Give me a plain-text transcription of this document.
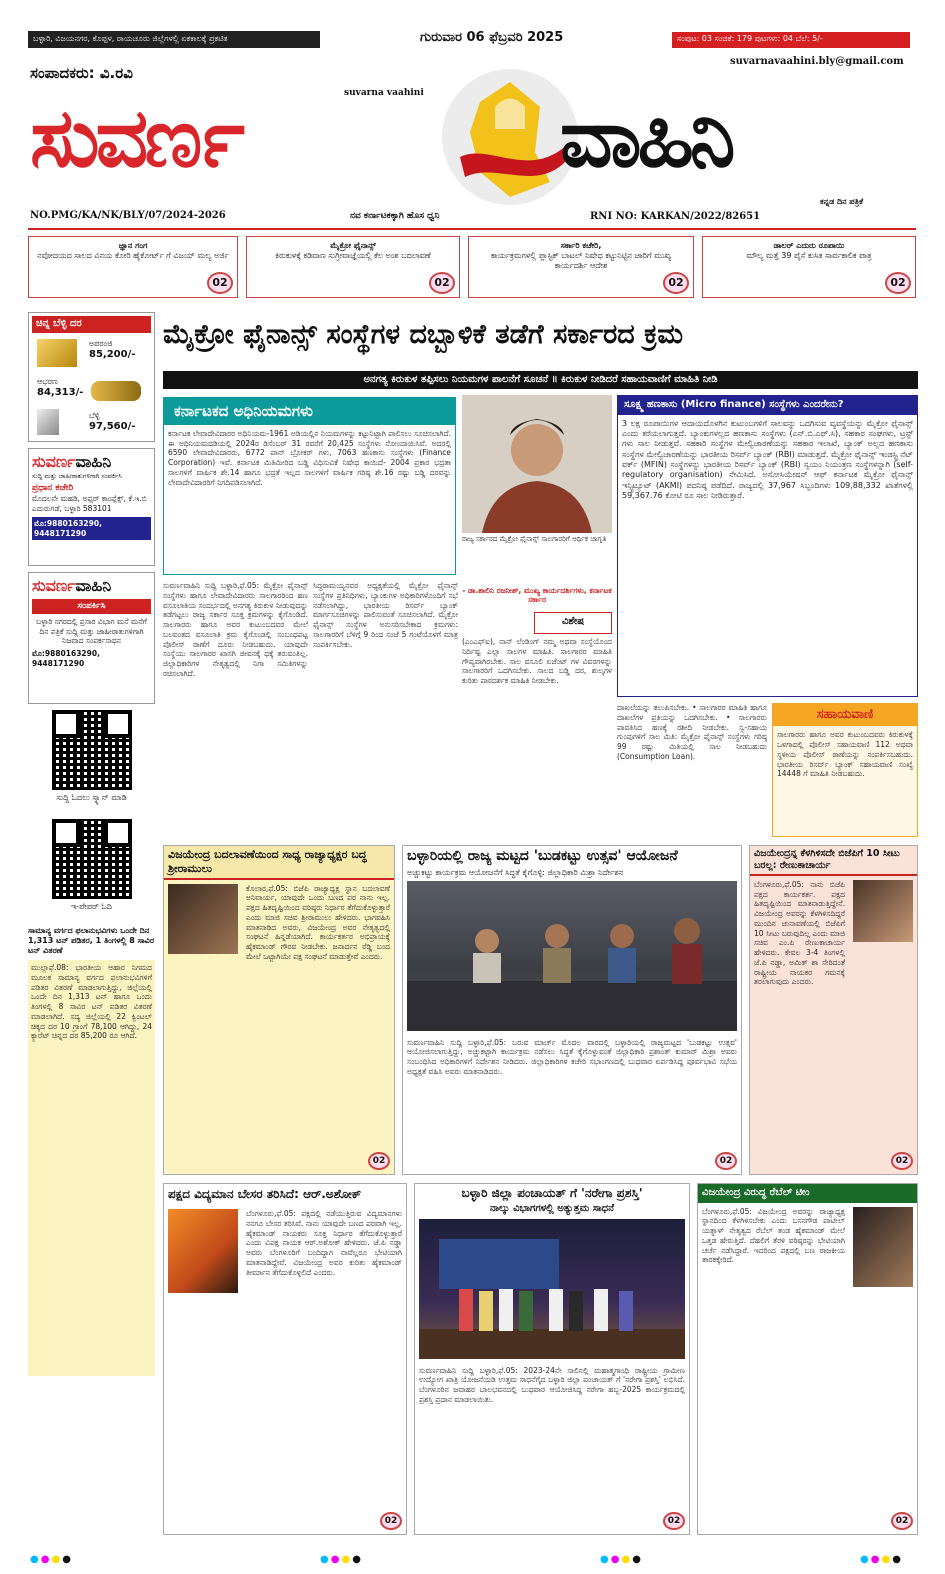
ಬಳ್ಳಾರಿ, ವಿಜಯನಗರ, ಕೊಪ್ಪಳ, ರಾಯಚೂರು ಜಿಲ್ಲೆಗಳಲ್ಲಿ ಏಕಕಾಲಕ್ಕೆ ಪ್ರಕಟಿತ	ಗುರುವಾರ 06 ಫೆಬ್ರವರಿ 2025	ಸಂಪುಟ: 03 ಸಂಚಿಕೆ: 179 ಪುಟಗಳು: 04 ಬೆಲೆ: 5/-
suvarnavaahini.bly@gmail.com
ಸಂಪಾದಕರು: ವಿ.ರವಿ
suvarna vaahini
ಸುವರ್ಣ	ವಾಹಿನಿ
NO.PMG/KA/NK/BLY/07/2024-2026	ನವ ಕರ್ನಾಟಕಕ್ಕಾಗಿ ಹೊಸ ಧ್ವನಿ	RNI NO: KARKAN/2022/82651
ಕನ್ನಡ ದಿನ ಪತ್ರಿಕೆ
ಜ್ಞಾನ ಗಂಗ
ನವೋದಯದ ಸಾಲದ ವಿನಯ ಕೋರಿ ಹೈಕೋರ್ಟ್ ಗೆ ವಿಜಯ್ ಮಲ್ಯ ಅರ್ಜಿ
02
ಮೈಕ್ರೋ ಫೈನಾನ್ಸ್
ಕಿರುಕುಳಕ್ಕೆ ಕಡಿವಾಣ ಸುಗ್ರೀವಾಜ್ಞೆಯಲ್ಲಿ ಕೆಲ ಅಂಶ ಬದಲಾವಣೆ
02
ಸರ್ಕಾರಿ ಕಚೇರಿ,
ಕಾರ್ಯಕ್ರಮಗಳಲ್ಲಿ ಪ್ಲಾಸ್ಟಿಕ್ ಬಾಟಲ್ ನಿಷೇಧ ಕಟ್ಟುನಿಟ್ಟಿನ ಜಾರಿಗೆ ಮುಖ್ಯ ಕಾರ್ಯದರ್ಶಿ ಆದೇಶ
02
ಡಾಲರ್ ಎದುರು ರೂಪಾಯಿ
ಮೌಲ್ಯ ಮತ್ತೆ 39 ಪೈಸೆ ಕುಸಿತ ಸಾರ್ವಕಾಲಿಕ ಪಾತ್ರ
02
ಚಿನ್ನ ಬೆಳ್ಳಿ ದರ
ಅಪರಂಜಿ
85,200/-
ಆಭರಣ
84,313/-
ಬೆಳ್ಳಿ
97,560/-
ಸುವರ್ಣವಾಹಿನಿ
ಸುದ್ದಿ ಮತ್ತು ಜಾಹೀರಾತುಗಳಿಗಾಗಿ ಸಂಪರ್ಕಿಸಿ
ಪ್ರಧಾನ ಕಚೇರಿ
ಮೊದಲನೇ ಮಹಡಿ, ಅಫ್ಸರ್ ಕಾಂಪ್ಲೆಕ್ಸ್, ಕೆ.ಇ.ಬಿ ಎದುರುಗಡೆ, ಬಳ್ಳಾರಿ 583101
ಮೊ:9880163290, 9448171290
ಸುವರ್ಣವಾಹಿನಿ
ಸಂಪರ್ಕಿಸಿ
ಬಳ್ಳಾರಿ ನಗರದಲ್ಲಿ ಪ್ರಸಾರ ವಿಭಾಗ ಮನೆ ಮನೆಗೆ ದಿನ ಪತ್ರಿಕೆ ಸುದ್ದಿ ಮತ್ತು ಜಾಹೀರಾತುಗಳಿಗಾಗಿ ನಿಜವಾದ ಸಂಪರ್ಕಸಾಧನ
ಮೊ:9880163290, 9448171290
ಸುದ್ದಿ ಓದಲು ಸ್ಕ್ಯಾನ್ ಮಾಡಿ
ಇ-ಪೇಪರ್ ಓದಿ
ಸಾಮಾನ್ಯ ವರ್ಗದ ಫಲಾನುಭವಿಗಳು ಒಂದೇ ದಿನ 1,313 ಟನ್ ಪಡಿತರ, 1 ತಿಂಗಳಲ್ಲಿ 8 ಸಾವಿರ ಟನ್ ವಿತರಣೆ
ಮುಲ್ಲಾಫೆ.08: ಭಾರತೀಯ ಆಹಾರ ನಿಗಮದ ಮೂಲಕ ಸಾಮಾನ್ಯ ವರ್ಗದ ಫಲಾನುಭವಿಗಳಿಗೆ ಪಡಿತರ ವಿತರಣೆ ಮಾಡಲಾಗುತ್ತಿದ್ದು, ಜಿಲ್ಲೆಯಲ್ಲಿ ಒಂದೇ ದಿನ 1,313 ಟನ್ ಹಾಗೂ ಒಂದು ತಿಂಗಳಲ್ಲಿ 8 ಸಾವಿರ ಟನ್ ಪಡಿತರ ವಿತರಣೆ ಮಾಡಲಾಗಿದೆ. ಸದ್ಯ ಜಿಲ್ಲೆಯಲ್ಲಿ 22 ಕ್ವಿಂಟಲ್ ಚಿಕ್ಕದ ದರ 10 ಗ್ರಾಂಗೆ 78,100 ಆಗಿದ್ದು, 24 ಕ್ಯಾರೆಟ್ ಚಿನ್ನದ ದರ 85,200 ರೂ ಆಗಿದೆ.
ಮೈಕ್ರೋ ಫೈನಾನ್ಸ್ ಸಂಸ್ಥೆಗಳ ದಬ್ಬಾಳಿಕೆ ತಡೆಗೆ ಸರ್ಕಾರದ ಕ್ರಮ
ಅನಗತ್ಯ ಕಿರುಕುಳ ತಪ್ಪಿಸಲು ನಿಯಮಗಳ ಪಾಲನೆಗೆ ಸೂಚನೆ ॥ ಕಿರುಕುಳ ನೀಡಿದರೆ ಸಹಾಯವಾಣಿಗೆ ಮಾಹಿತಿ ನೀಡಿ
ಕರ್ನಾಟಕದ ಅಧಿನಿಯಮಗಳು
ಕರ್ನಾಟಕ ಲೇವಾದೇವಿದಾರರ ಅಧಿನಿಯಮ-1961 ಅಡಿಯಲ್ಲಿನ ನಿಯಮಗಳನ್ನು ಕಟ್ಟುನಿಟ್ಟಾಗಿ ಪಾಲಿಸಲು ಸೂಚಿಸಲಾಗಿದೆ. ಈ ಅಧಿನಿಯಮದಡಿಯಲ್ಲಿ 2024ರ ಡಿಸೆಂಬರ್ 31 ರವರೆಗೆ 20,425 ಸಂಸ್ಥೆಗಳು ನೋಂದಾಯಿಸಿವೆ. ಅದರಲ್ಲಿ 6590 ಲೇವಾದೇವಿದಾರರು, 6772 ಪಾನ್ ಬ್ರೋಕರ್ ಗಳು, 7063 ಹಣಕಾಸು ಸಂಸ್ಥೆಗಳು (Finance Corporation) ಇವೆ. ಕರ್ನಾಟಕ ಮಿತಿಮೀರಿದ ಬಡ್ಡಿ ವಿಧಿಸುವಿಕೆ ನಿಷೇಧ ಕಾಯಿದೆ- 2004 ಪ್ರಕಾರ ಭದ್ರತಾ ಸಾಲಗಳಿಗೆ ವಾರ್ಷಿಕ ಶೇ.14 ಹಾಗೂ ಭದ್ರತೆ ಇಲ್ಲದ ಸಾಲಗಳಿಗೆ ವಾರ್ಷಿಕ ಗರಿಷ್ಠ ಶೇ.16 ರಷ್ಟು ಬಡ್ಡಿ ದರವನ್ನು ಲೇವಾದೇವಿದಾರರಿಗೆ ನಿಗದಿಪಡಿಸಲಾಗಿದೆ.
ರಾಜ್ಯ ಸರ್ಕಾರದ ಮೈಕ್ರೋ ಫೈನಾನ್ಸ್ ಸಾಲಗಾರರಿಗೆ ಆರ್ಥಿಕ ಜಾಗೃತಿ
- ಡಾ.ಶಾಲಿನಿ ರಜನೀಶ್, ಮುಖ್ಯ ಕಾರ್ಯದರ್ಶಿಗಳು, ಕರ್ನಾಟಕ ಸರ್ಕಾರ
ವಿಶೇಷ
ಸೂಕ್ಷ್ಮ ಹಣಕಾಸು (Micro finance) ಸಂಸ್ಥೆಗಳು ಎಂದರೇನು?
3 ಲಕ್ಷ ರೂಪಾಯಿಗಳ ಆದಾಯದೊಳಗಿನ ಕುಟುಂಬಗಳಿಗೆ ಸಾಲವನ್ನು ಒದಗಿಸುವ ವ್ಯವಸ್ಥೆಯನ್ನು ಮೈಕ್ರೋ ಫೈನಾನ್ಸ್ ಎಂದು ಕರೆಯಲಾಗುತ್ತದೆ. ಬ್ಯಾಂಕುಗಳಲ್ಲದ ಹಣಕಾಸು ಸಂಸ್ಥೆಗಳು (ಎನ್.ಬಿ.ಎಫ್.ಸಿ), ಸಹಕಾರ ಸಂಘಗಳು, ಟ್ರಸ್ಟ್ ಗಳು ಸಾಲ ನೀಡುತ್ತವೆ. ಸಹಕಾರಿ ಸಂಸ್ಥೆಗಳ ಮೇಲ್ವಿಚಾರಣೆಯನ್ನು ಸಹಕಾರ ಇಲಾಖೆ, ಬ್ಯಾಂಕ್ ಅಲ್ಲದ ಹಣಕಾಸು ಸಂಸ್ಥೆಗಳ ಮೇಲ್ವಿಚಾರಣೆಯನ್ನು ಭಾರತೀಯ ರಿಸರ್ವ್ ಬ್ಯಾಂಕ್ (RBI) ಮಾಡುತ್ತದೆ. ಮೈಕ್ರೋ ಫೈನಾನ್ಸ್ ಇಂಡಸ್ಟ್ರಿ ನೆಟ್ ವರ್ಕ್ (MFIN) ಸಂಸ್ಥೆಗಳನ್ನು ಭಾರತೀಯ ರಿಸರ್ವ್ ಬ್ಯಾಂಕ್ (RBI) ಸ್ವಯಂ ನಿಯಂತ್ರಣ ಸಂಸ್ಥೆಗಳನ್ನಾಗಿ (self-regulatory organisation) ನೇಮಿಸಿದೆ. ಅಸೋಸಿಯೇಷನ್ ಆಫ್ ಕರ್ನಾಟಕ ಮೈಕ್ರೋ ಫೈನಾನ್ಸ್ ಇನ್ಸ್ಟಿಟ್ಯೂಟ್ (AKMI) ಪದನಿಷ್ಠ ಪಡೆದಿದೆ. ರಾಜ್ಯದಲ್ಲಿ 37,967 ಸಿಬ್ಬಂದಿಗಳು 109,88,332 ಖಾತೆಗಳಲ್ಲಿ 59,367.76 ಕೋಟಿ ರೂ ಸಾಲ ನೀಡಿರುತ್ತಾರೆ.
ಸುವರ್ಣವಾಹಿನಿ ಸುದ್ದಿ ಬಳ್ಳಾರಿ,ಫೆ.05: ಮೈಕ್ರೋ ಫೈನಾನ್ಸ್ ಸಂಸ್ಥೆಗಳು ಹಾಗೂ ಲೇವಾದೇವಿದಾರರು ಸಾಲಗಾರರಿಂದ ಹಣ ವಸೂಲಾತಿಯ ಸಂದರ್ಭದಲ್ಲಿ ಅನಗತ್ಯ ಕಿರುಕುಳ ನೀಡುವುದನ್ನು ತಡೆಗಟ್ಟಲು ರಾಜ್ಯ ಸರ್ಕಾರ ಸೂಕ್ತ ಕ್ರಮಗಳನ್ನು ಕೈಗೊಂಡಿದೆ. ಸಾಲಗಾರರು ಹಾಗೂ ಅವರ ಕುಟುಂಬದವರ ಮೇಲೆ ಬಲವಂತದ ವಸೂಲಾತಿ ಕ್ರಮ ಕೈಗೊಂಡಲ್ಲಿ ಸಂಬಂಧಪಟ್ಟ ಪೊಲೀಸ್ ಠಾಣೆಗೆ ದೂರು ನೀಡಬಹುದು. ಯಾವುದೇ ಸಂಸ್ಥೆಯು ಸಾಲಗಾರರ ಖಾಸಗಿ ಜೀವನಕ್ಕೆ ಧಕ್ಕೆ ತರುವಂತಿಲ್ಲ. ಜಿಲ್ಲಾಧಿಕಾರಿಗಳ ನೇತೃತ್ವದಲ್ಲಿ ನಿಗಾ ಸಮಿತಿಗಳನ್ನು ರಚಿಸಲಾಗಿದೆ.
ಸಿದ್ಧರಾಮಯ್ಯನವರ ಅಧ್ಯಕ್ಷತೆಯಲ್ಲಿ ಮೈಕ್ರೋ ಫೈನಾನ್ಸ್ ಸಂಸ್ಥೆಗಳ ಪ್ರತಿನಿಧಿಗಳು, ಬ್ಯಾಂಕುಗಳ ಅಧಿಕಾರಿಗಳೊಂದಿಗೆ ಸಭೆ ನಡೆಸಲಾಗಿದ್ದು, ಭಾರತೀಯ ರಿಸರ್ವ್ ಬ್ಯಾಂಕ್ ಮಾರ್ಗಸೂಚಿಗಳನ್ನು ಪಾಲಿಸುವಂತೆ ಸೂಚಿಸಲಾಗಿದೆ. ಮೈಕ್ರೋ ಫೈನಾನ್ಸ್ ಸಂಸ್ಥೆಗಳ ಅನುಸರಿಸಬೇಕಾದ ಕ್ರಮಗಳು: ಸಾಲಗಾರರಿಗೆ ಬೆಳಿಗ್ಗೆ 9 ರಿಂದ ಸಂಜೆ 5 ಗಂಟೆಯೊಳಗೆ ಮಾತ್ರ ಸಂಪರ್ಕಿಸಬೇಕು.	(ಎಂಎಫ್ಐ), ನಾನ್ ಲೆಂಡಿಂಗ್ ನಮ್ಮ ಅಥವಾ ಸಂಸ್ಥೆಯೊಂದ ನಿರ್ದಿಷ್ಟ ಎಲ್ಲಾ ಸಾಲಗಳ ಮಾಹಿತಿ. ಸಾಲಗಾರರ ಮಾಹಿತಿ ಗೌಪ್ಯವಾಗಿರಬೇಕು. ಸಾಲ ವಸೂಲಿ ಏಜೆಂಟ್ ಗಳ ವಿವರಗಳನ್ನು ಸಾಲಗಾರರಿಗೆ ಒದಗಿಸಬೇಕು. ಸಾಲದ ಬಡ್ಡಿ ದರ, ಶುಲ್ಕಗಳ ಕುರಿತು ಪಾರದರ್ಶಕ ಮಾಹಿತಿ ನೀಡಬೇಕು.
ದಾಖಲೆಯನ್ನು ತಲುಪಿಸಬೇಕು. • ಸಾಲಗಾರರ ಮಾಹಿತಿ ಹಾಗೂ ದಾಖಲೆಗಳ ಪ್ರತಿಯನ್ನು ಒದಗಿಸಬೇಕು. • ಸಾಲಗಾರರು ಪಾವತಿಸಿದ ಹಣಕ್ಕೆ ರಶೀದಿ ನೀಡಬೇಕು. ಸ್ವ-ಸಹಾಯ ಗುಂಪುಗಳಿಗೆ ಸಾಲ ಮಿತಿ: ಮೈಕ್ರೋ ಫೈನಾನ್ಸ್ ಸಂಸ್ಥೆಗಳು ಗರಿಷ್ಠ 99 ರಷ್ಟು ಮಿತಿಯಲ್ಲಿ ಸಾಲ ನೀಡಬಹುದು (Consumption Loan).
ಸಹಾಯವಾಣಿ
ಸಾಲಗಾರರು ಹಾಗೂ ಅವರ ಕುಟುಂಬದವರು ಕಿರುಕುಳಕ್ಕೆ ಒಳಗಾದಲ್ಲಿ ಪೊಲೀಸ್ ಸಹಾಯವಾಣಿ 112 ಅಥವಾ ಸ್ಥಳೀಯ ಪೊಲೀಸ್ ಠಾಣೆಯನ್ನು ಸಂಪರ್ಕಿಸಬಹುದು. ಭಾರತೀಯ ರಿಸರ್ವ್ ಬ್ಯಾಂಕ್ ಸಹಾಯವಾಣಿ ಸಂಖ್ಯೆ 14448 ಗೆ ಮಾಹಿತಿ ನೀಡಬಹುದು.
ವಿಜಯೇಂದ್ರ ಬದಲಾವಣೆಯಿಂದ ಸಾಧ್ಯ ರಾಜ್ಯಾಧ್ಯಕ್ಷರ ಬದ್ಧ ಶ್ರೀರಾಮುಲು
ಕೊಲಾರ,ಫೆ.05: ಬಿಜೆಪಿ ರಾಜ್ಯಾಧ್ಯಕ್ಷ ಸ್ಥಾನ ಬದಲಾವಣೆ ಅನಿವಾರ್ಯ, ಯಾವುದೇ ಒಂದು ಬಣದ ಪರ ನಾನು ಇಲ್ಲ. ಪಕ್ಷದ ಹಿತದೃಷ್ಟಿಯಿಂದ ವರಿಷ್ಠರು ನಿರ್ಧಾರ ತೆಗೆದುಕೊಳ್ಳುತ್ತಾರೆ ಎಂದು ಮಾಜಿ ಸಚಿವ ಶ್ರೀರಾಮುಲು ಹೇಳಿದರು. ಭಾಗವಹಿಸಿ ಮಾತನಾಡಿದ ಅವರು, ವಿಜಯೇಂದ್ರ ಅವರ ನೇತೃತ್ವದಲ್ಲಿ ಸಂಘಟನೆ ಹಿನ್ನಡೆಯಾಗಿದೆ. ಕಾರ್ಯಕರ್ತರ ಅಭಿಪ್ರಾಯಕ್ಕೆ ಹೈಕಮಾಂಡ್ ಗೌರವ ನೀಡಬೇಕು. ಜನಾರ್ದನ ರೆಡ್ಡಿ ಬಂದ ಮೇಲೆ ಒಟ್ಟಾಗಿಯೇ ಪಕ್ಷ ಸಂಘಟನೆ ಮಾಡುತ್ತೇವೆ ಎಂದರು.
02
ಬಳ್ಳಾರಿಯಲ್ಲಿ ರಾಜ್ಯ ಮಟ್ಟದ 'ಬುಡಕಟ್ಟು ಉತ್ಸವ' ಆಯೋಜನೆ
ಅಚ್ಚುಕಟ್ಟು ಕಾರ್ಯಕ್ರಮ ಆಯೋಜನೆಗೆ ಸಿದ್ಧತೆ ಕೈಗೊಳ್ಳಿ: ಜಿಲ್ಲಾಧಿಕಾರಿ ಮಿಶ್ರಾ ನಿರ್ದೇಶನ
ಸುವರ್ಣವಾಹಿನಿ ಸುದ್ದಿ ಬಳ್ಳಾರಿ,ಫೆ.05: ಬರುವ ಮಾರ್ಚ್ ಮೊದಲ ವಾರದಲ್ಲಿ ಬಳ್ಳಾರಿಯಲ್ಲಿ ರಾಜ್ಯಮಟ್ಟದ 'ಬುಡಕಟ್ಟು ಉತ್ಸವ' ಆಯೋಜಿಸಲಾಗುತ್ತಿದ್ದು, ಅಚ್ಚುಕಟ್ಟಾಗಿ ಕಾರ್ಯಕ್ರಮ ನಡೆಸಲು ಸಿದ್ಧತೆ ಕೈಗೊಳ್ಳುವಂತೆ ಜಿಲ್ಲಾಧಿಕಾರಿ ಪ್ರಶಾಂತ್ ಕುಮಾರ್ ಮಿಶ್ರಾ ಅವರು ಸಂಬಂಧಿಸಿದ ಅಧಿಕಾರಿಗಳಿಗೆ ನಿರ್ದೇಶನ ನೀಡಿದರು. ಜಿಲ್ಲಾಧಿಕಾರಿಗಳ ಕಚೇರಿ ಸಭಾಂಗಣದಲ್ಲಿ ಬುಧವಾರ ಏರ್ಪಡಿಸಿದ್ದ ಪೂರ್ವಭಾವಿ ಸಭೆಯ ಅಧ್ಯಕ್ಷತೆ ವಹಿಸಿ ಅವರು ಮಾತನಾಡಿದರು.
02
ವಿಜಯೇಂದ್ರನ್ನ ಕೆಳಗಿಳಿಸದೇ ಬಿಜೆಪಿಗೆ 10 ಸೀಟು ಬರಲ್ಲ: ರೇಣುಕಾಚಾರ್ಯ
ಬೆಂಗಳೂರು,ಫೆ.05: ನಾನು ಬಿಜೆಪಿ ಪಕ್ಷದ ಕಾರ್ಯಕರ್ತ. ಪಕ್ಷದ ಹಿತದೃಷ್ಟಿಯಿಂದ ಮಾತನಾಡುತ್ತಿದ್ದೇನೆ. ವಿಜಯೇಂದ್ರ ಅವರನ್ನು ಕೆಳಗಿಳಿಸದಿದ್ದರೆ ಮುಂದಿನ ಚುನಾವಣೆಯಲ್ಲಿ ಬಿಜೆಪಿಗೆ 10 ಸೀಟು ಬರುವುದಿಲ್ಲ ಎಂದು ಮಾಜಿ ಸಚಿವ ಎಂ.ಪಿ ರೇಣುಕಾಚಾರ್ಯ ಹೇಳಿದರು. ಕೇವಲ 3-4 ತಿಂಗಳಲ್ಲಿ ಜೆ.ಪಿ ನಡ್ಡಾ, ಅಮಿತ್ ಶಾ ಸೇರಿದಂತೆ ರಾಷ್ಟ್ರೀಯ ನಾಯಕರ ಗಮನಕ್ಕೆ ತರಲಾಗುವುದು ಎಂದರು.
02
ಪಕ್ಷದ ವಿದ್ಯಮಾನ ಬೇಸರ ತರಿಸಿದೆ: ಆರ್.ಅಶೋಕ್
ಬೆಂಗಳೂರು,ಫೆ.05: ಪಕ್ಷದಲ್ಲಿ ನಡೆಯುತ್ತಿರುವ ವಿದ್ಯಮಾನಗಳು ನನಗೂ ಬೇಸರ ತರಿಸಿವೆ. ನಾನು ಯಾವುದೇ ಬಣದ ಪರವಾಗಿ ಇಲ್ಲ. ಹೈಕಮಾಂಡ್ ನಾಯಕರು ಸೂಕ್ತ ನಿರ್ಧಾರ ತೆಗೆದುಕೊಳ್ಳುತ್ತಾರೆ ಎಂದು ವಿಪಕ್ಷ ನಾಯಕ ಆರ್.ಅಶೋಕ್ ಹೇಳಿದರು. ಜೆ.ಪಿ ನಡ್ಡಾ ಅವರು ಬೆಂಗಳೂರಿಗೆ ಬಂದಿದ್ದಾಗ ನಾವೆಲ್ಲರೂ ಭೇಟಿಯಾಗಿ ಮಾತನಾಡಿದ್ದೇವೆ. ವಿಜಯೇಂದ್ರ ಅವರ ಕುರಿತು ಹೈಕಮಾಂಡ್ ತೀರ್ಮಾನ ತೆಗೆದುಕೊಳ್ಳಲಿದೆ ಎಂದರು.
02
ಬಳ್ಳಾರಿ ಜಿಲ್ಲಾ ಪಂಚಾಯತ್ ಗೆ 'ನರೇಗಾ ಪ್ರಶಸ್ತಿ'
ನಾಲ್ಕು ವಿಭಾಗಗಳಲ್ಲಿ ಅತ್ಯುತ್ತಮ ಸಾಧನೆ
ಸುವರ್ಣವಾಹಿನಿ ಸುದ್ದಿ ಬಳ್ಳಾರಿ,ಫೆ.05: 2023-24ನೇ ಸಾಲಿನಲ್ಲಿ ಮಹಾತ್ಮಗಾಂಧಿ ರಾಷ್ಟ್ರೀಯ ಗ್ರಾಮೀಣ ಉದ್ಯೋಗ ಖಾತ್ರಿ ಯೋಜನೆಯಡಿ ಉತ್ತಮ ಸಾಧನೆಗೈದ ಬಳ್ಳಾರಿ ಜಿಲ್ಲಾ ಪಂಚಾಯತ್ ಗೆ 'ನರೇಗಾ ಪ್ರಶಸ್ತಿ' ಲಭಿಸಿದೆ. ಬೆಂಗಳೂರಿನ ಜವಾಹರ ಬಾಲಭವನದಲ್ಲಿ ಬುಧವಾರ ಆಯೋಜಿಸಿದ್ದ ನರೇಗಾ ಹಬ್ಬ-2025 ಕಾರ್ಯಕ್ರಮದಲ್ಲಿ ಪ್ರಶಸ್ತಿ ಪ್ರದಾನ ಮಾಡಲಾಯಿತು.
02
ವಿಜಯೇಂದ್ರ ವಿರುದ್ಧ ರೆಬೆಲ್ ಟೀಂ
ಬೆಂಗಳೂರು,ಫೆ.05: ವಿಜಯೇಂದ್ರ ಅವರನ್ನು ರಾಜ್ಯಾಧ್ಯಕ್ಷ ಸ್ಥಾನದಿಂದ ಕೆಳಗಿಳಿಸಬೇಕು ಎಂದು ಬಸನಗೌಡ ಪಾಟೀಲ್ ಯತ್ನಾಳ್ ನೇತೃತ್ವದ ರೆಬೆಲ್ ತಂಡ ಹೈಕಮಾಂಡ್ ಮೇಲೆ ಒತ್ತಡ ಹೇರುತ್ತಿದೆ. ದೆಹಲಿಗೆ ತೆರಳಿ ವರಿಷ್ಠರನ್ನು ಭೇಟಿಯಾಗಿ ಚರ್ಚೆ ನಡೆಸಿದ್ದಾರೆ. ಇದರಿಂದ ಪಕ್ಷದಲ್ಲಿ ಬಣ ರಾಜಕೀಯ ತಾರಕಕ್ಕೇರಿದೆ.
02
●●●●	●●●●	●●●●	●●●●
